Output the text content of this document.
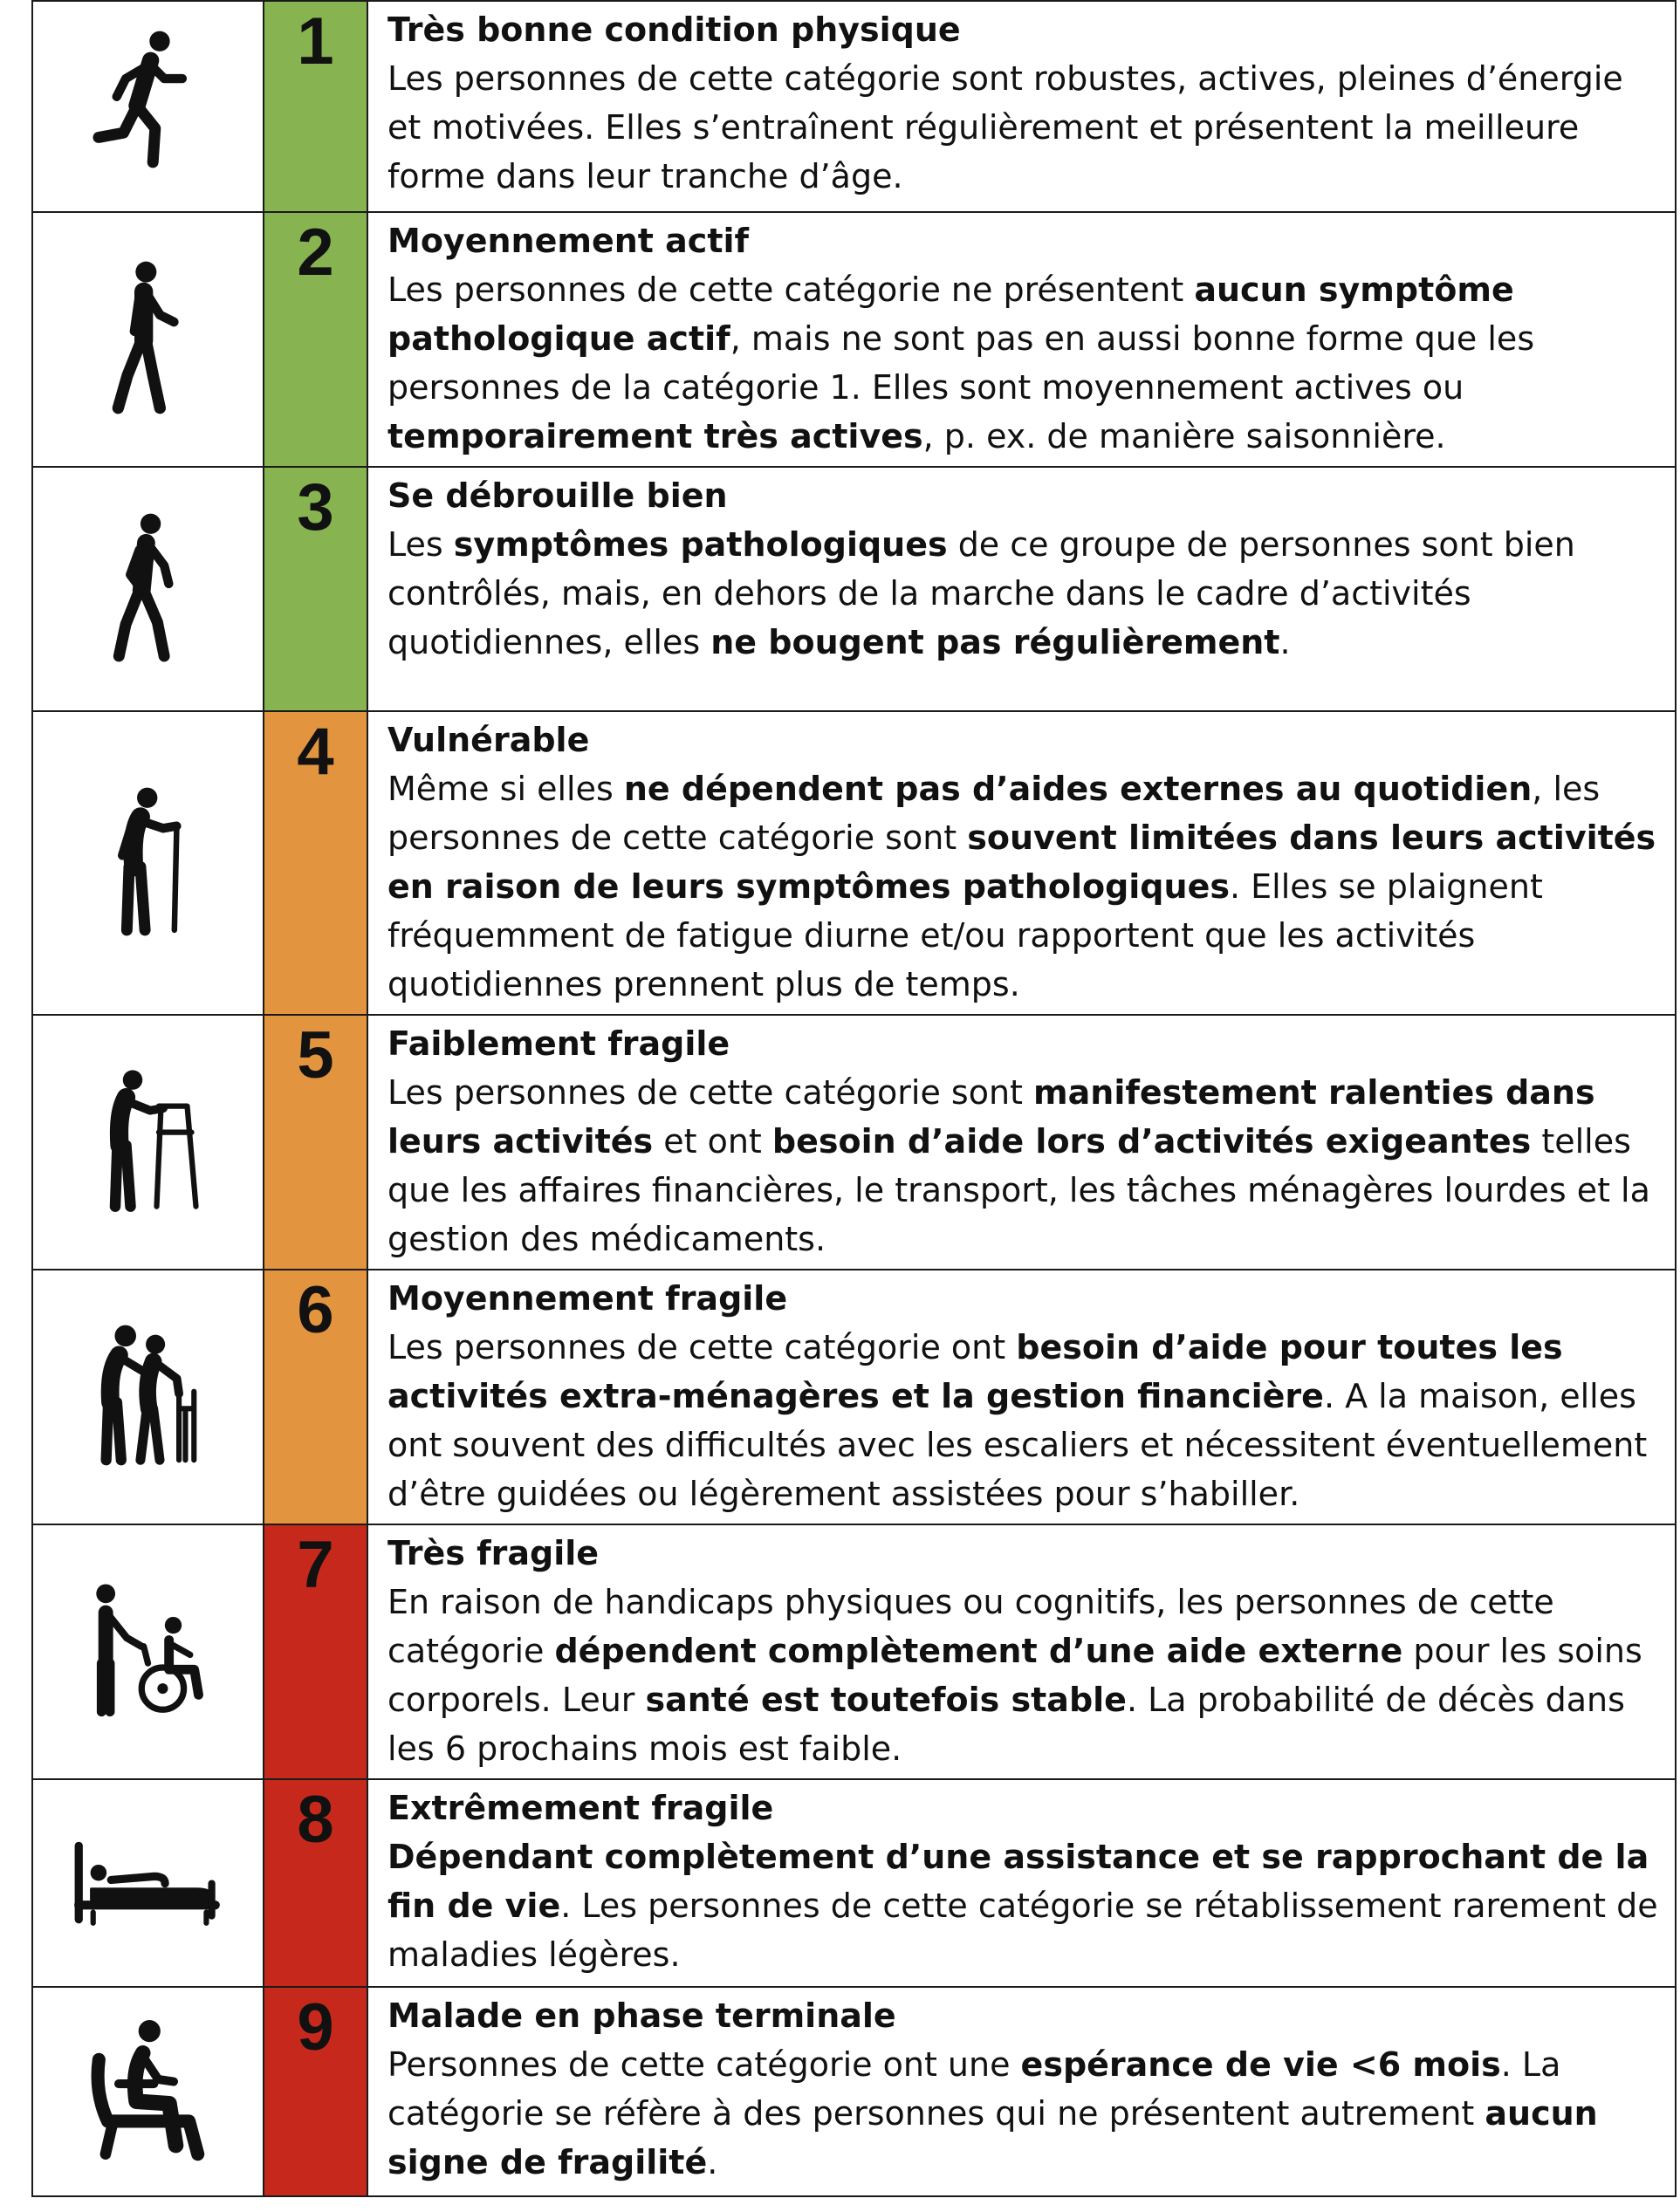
1	Très bonne condition physique
Les personnes de cette catégorie sont robustes, actives, pleines d’énergie et motivées. Elles s’entraînent régulièrement et présentent la meilleure forme dans leur tranche d’âge.

2	Moyennement actif
Les personnes de cette catégorie ne présentent aucun symptôme pathologique actif, mais ne sont pas en aussi bonne forme que les personnes de la catégorie 1. Elles sont moyennement actives ou temporairement très actives, p. ex. de manière saisonnière.

3	Se débrouille bien
Les symptômes pathologiques de ce groupe de personnes sont bien contrôlés, mais, en dehors de la marche dans le cadre d’activités quotidiennes, elles ne bougent pas régulièrement.

4	Vulnérable
Même si elles ne dépendent pas d’aides externes au quotidien, les personnes de cette catégorie sont souvent limitées dans leurs activités en raison de leurs symptômes pathologiques. Elles se plaignent fréquemment de fatigue diurne et/ou rapportent que les activités quotidiennes prennent plus de temps.

5	Faiblement fragile
Les personnes de cette catégorie sont manifestement ralenties dans leurs activités et ont besoin d’aide lors d’activités exigeantes telles que les affaires financières, le transport, les tâches ménagères lourdes et la gestion des médicaments.

6	Moyennement fragile
Les personnes de cette catégorie ont besoin d’aide pour toutes les activités extra-ménagères et la gestion financière. A la maison, elles ont souvent des difficultés avec les escaliers et nécessitent éventuellement d’être guidées ou légèrement assistées pour s’habiller.

7	Très fragile
En raison de handicaps physiques ou cognitifs, les personnes de cette catégorie dépendent complètement d’une aide externe pour les soins corporels. Leur santé est toutefois stable. La probabilité de décès dans les 6 prochains mois est faible.

8	Extrêmement fragile
Dépendant complètement d’une assistance et se rapprochant de la fin de vie. Les personnes de cette catégorie se rétablissement rarement de maladies légères.

9	Malade en phase terminale
Personnes de cette catégorie ont une espérance de vie <6 mois. La catégorie se réfère à des personnes qui ne présentent autrement aucun signe de fragilité.
